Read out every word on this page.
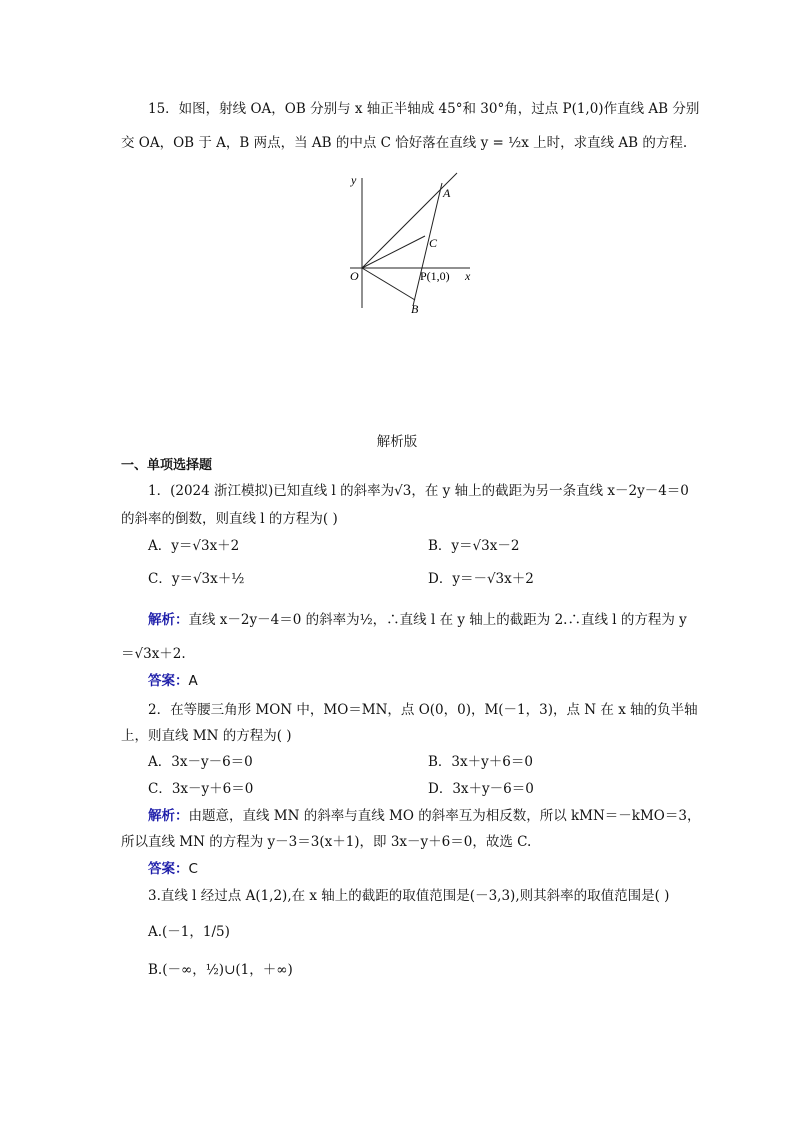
15．如图，射线 OA，OB 分别与 x 轴正半轴成 45°和 30°角，过点 P(1,0)作直线 AB 分别
交 OA，OB 于 A，B 两点，当 AB 的中点 C 恰好落在直线 y = ½x 上时，求直线 AB 的方程.
y
x
O
A
C
P(1,0)
B
解析版
一、单项选择题
1．(2024 浙江模拟)已知直线 l 的斜率为√3，在 y 轴上的截距为另一条直线 x－2y－4＝0
的斜率的倒数，则直线 l 的方程为( )
A．y＝√3x＋2	B．y＝√3x－2
C．y＝√3x＋½	D．y＝－√3x＋2
解析：直线 x－2y－4＝0 的斜率为½，∴直线 l 在 y 轴上的截距为 2.∴直线 l 的方程为 y
＝√3x＋2.
答案：A
2．在等腰三角形 MON 中，MO＝MN，点 O(0，0)，M(－1，3)，点 N 在 x 轴的负半轴
上，则直线 MN 的方程为( )
A．3x－y－6＝0	B．3x＋y＋6＝0
C．3x－y＋6＝0	D．3x＋y－6＝0
解析：由题意，直线 MN 的斜率与直线 MO 的斜率互为相反数，所以 kMN＝－kMO＝3，
所以直线 MN 的方程为 y－3＝3(x＋1)，即 3x－y＋6＝0，故选 C.
答案：C
3.直线 l 经过点 A(1,2),在 x 轴上的截距的取值范围是(－3,3),则其斜率的取值范围是( )
A.(－1，1/5)
B.(－∞，½)∪(1，＋∞)
